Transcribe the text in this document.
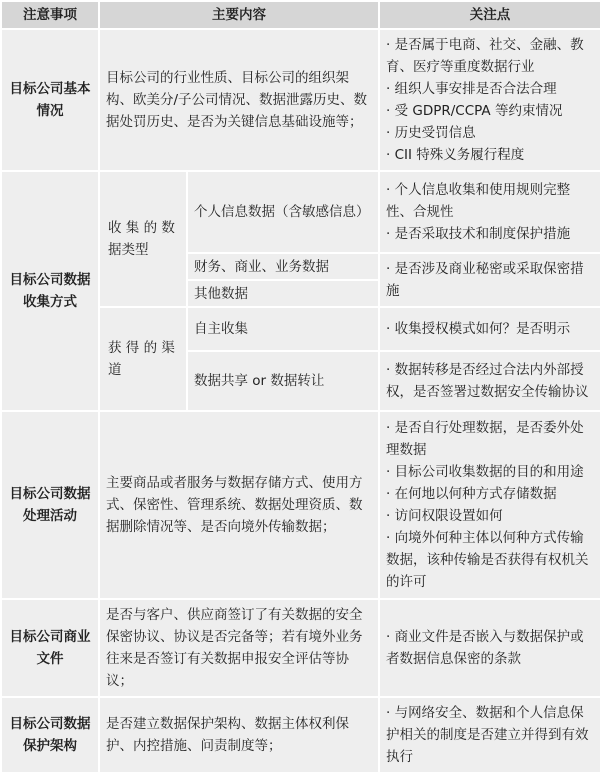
注意事项	主要内容		关注点
目标公司基本情况	目标公司的行业性质、目标公司的组织架构、欧美分/子公司情况、数据泄露历史、数据处罚历史、是否为关键信息基础设施等；		· 是否属于电商、社交、金融、教育、医疗等重度数据行业
· 组织人事安排是否合法合理
· 受 GDPR/CCPA 等约束情况
· 历史受罚信息
· CII 特殊义务履行程度

目标公司数据收集方式	收 集 的 数 据类型	个人信息数据（含敏感信息）	· 个人信息收集和使用规则完整性、合规性
· 是否采取技术和制度保护措施

		财务、商业、业务数据	· 是否涉及商业秘密或采取保密措施

		其他数据	
	获 得 的 渠 道	自主收集	· 收集授权模式如何？是否明示

		数据共享 or 数据转让	· 数据转移是否经过合法内外部授权，是否签署过数据安全传输协议

目标公司数据处理活动	主要商品或者服务与数据存储方式、使用方式、保密性、管理系统、数据处理资质、数据删除情况等、是否向境外传输数据；		· 是否自行处理数据，是否委外处理数据
· 目标公司收集数据的目的和用途
· 在何地以何种方式存储数据
· 访问权限设置如何
· 向境外何种主体以何种方式传输数据，该种传输是否获得有权机关的许可

目标公司商业文件	是否与客户、供应商签订了有关数据的安全保密协议、协议是否完备等；若有境外业务往来是否签订有关数据申报安全评估等协议；		· 商业文件是否嵌入与数据保护或者数据信息保密的条款

目标公司数据保护架构	是否建立数据保护架构、数据主体权利保护、内控措施、问责制度等；		· 与网络安全、数据和个人信息保护相关的制度是否建立并得到有效执行
